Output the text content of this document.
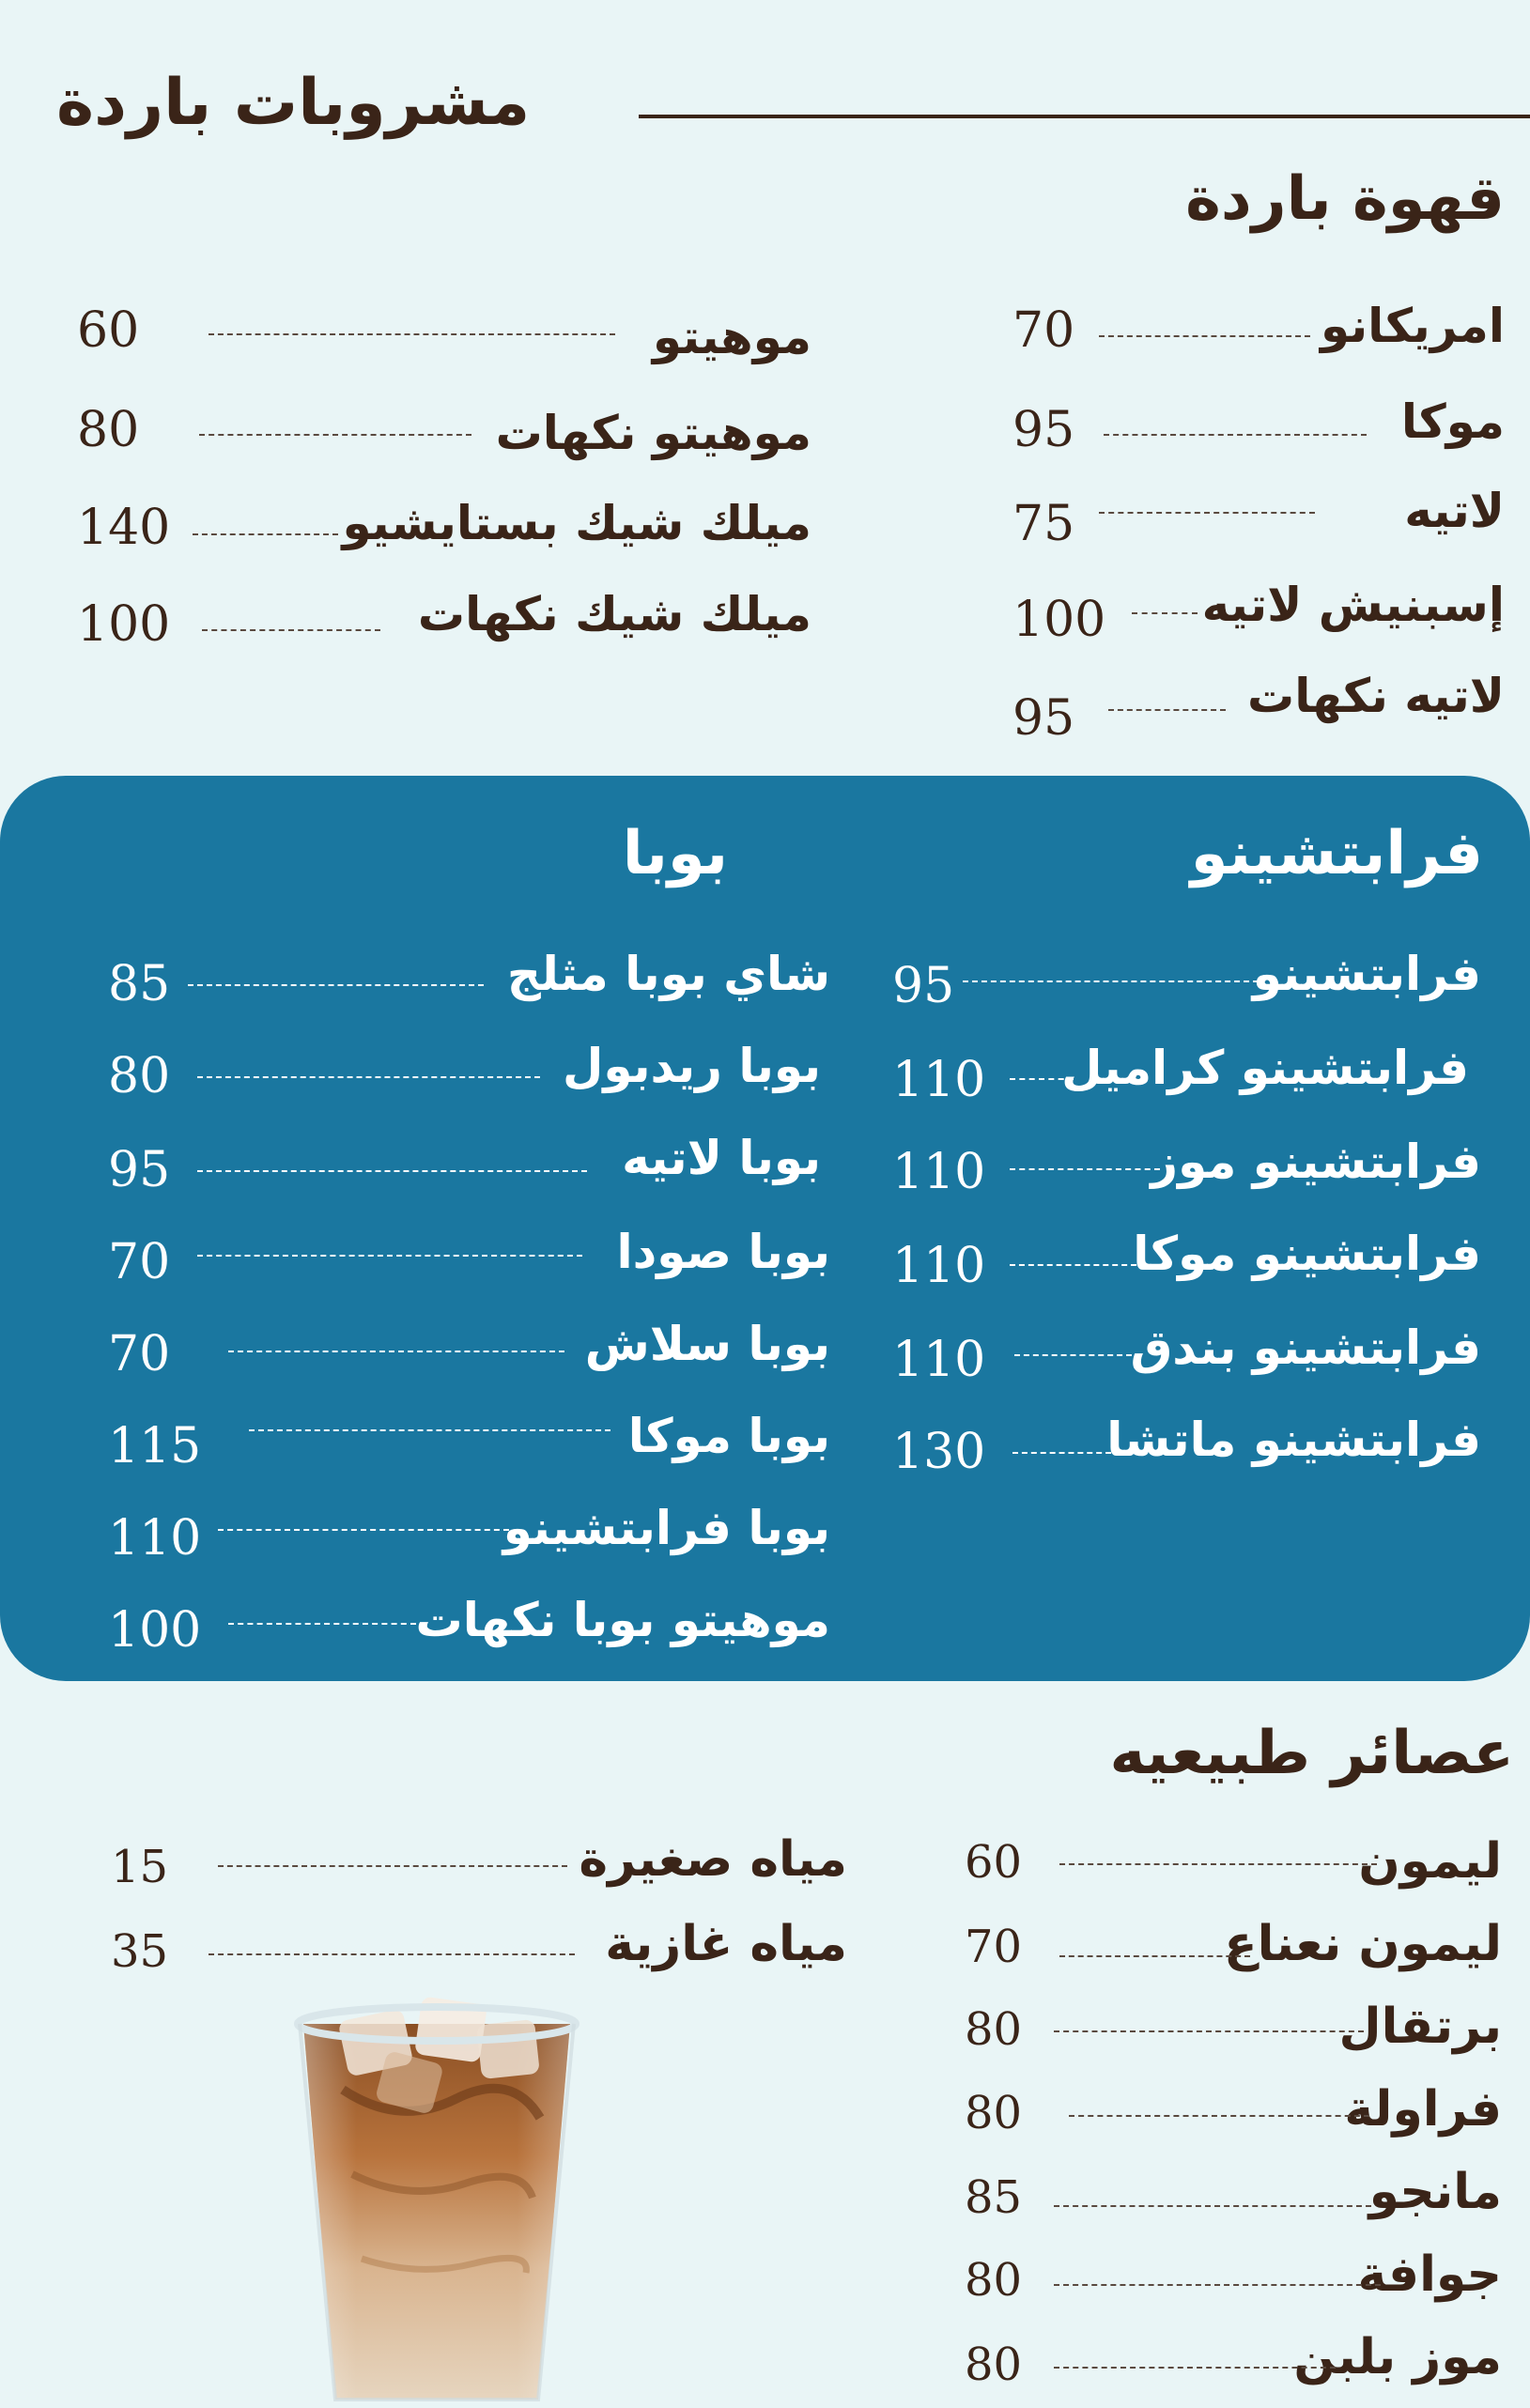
مشروبات باردة
قهوة باردة
امريكانو
70
موكا
95
لاتيه
75
إسبنيش لاتيه
100
لاتيه نكهات
95
موهيتو
60
موهيتو نكهات
80
ميلك شيك بستايشيو
140
ميلك شيك نكهات
100
فرابتشينو
بوبا
فرابتشينو
95
فرابتشينو كراميل
110
فرابتشينو موز
110
فرابتشينو موكا
110
فرابتشينو بندق
110
فرابتشينو ماتشا
130
شاي بوبا مثلج
85
بوبا ريدبول
80
بوبا لاتيه
95
بوبا صودا
70
بوبا سلاش
70
بوبا موكا
115
بوبا فرابتشينو
110
موهيتو بوبا نكهات
100
عصائر طبيعيه
ليمون
60
ليمون نعناع
70
برتقال
80
فراولة
80
مانجو
85
جوافة
80
موز بلبن
80
مياه صغيرة
15
مياه غازية
35
